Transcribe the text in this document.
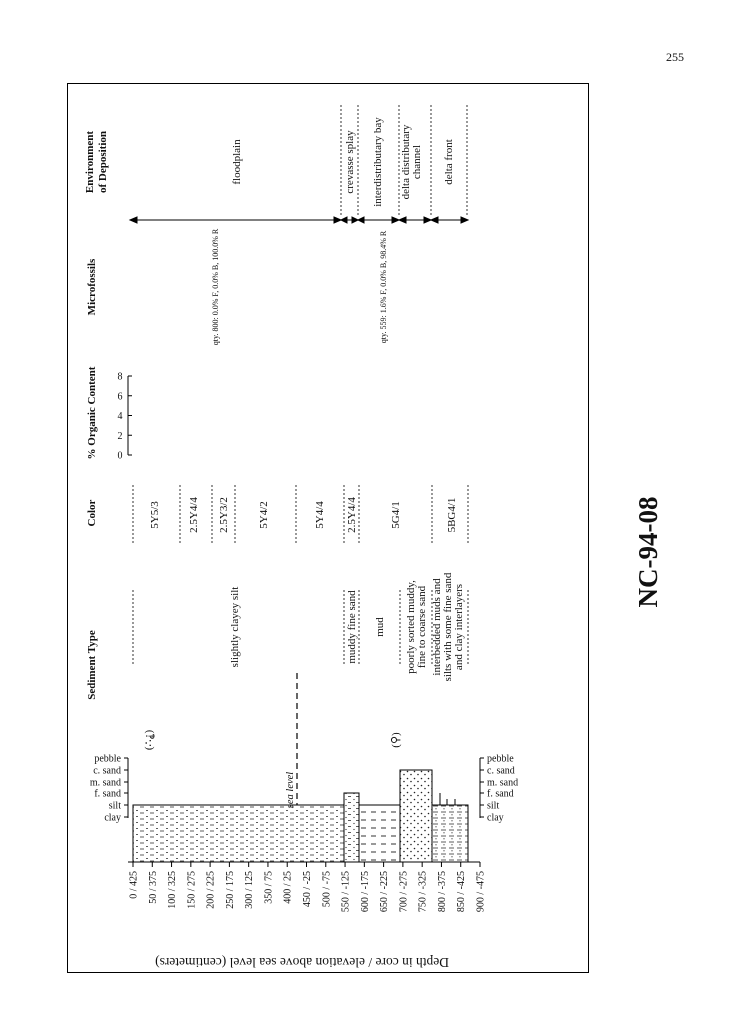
255
0 / 425 50 / 375 100 / 325 150 / 275 200 / 225 250 / 175 300 / 125 350 / 75 400 / 25 450 / -25 500 / -75 550 / -125 600 / -175 650 / -225 700 / -275 750 / -325 800 / -375 850 / -425 900 / -475
Depth in core / elevation above sea level (centimeters)
pebble
c. sand
m. sand
f. sand
silt
clay
pebble
c. sand
m. sand
f. sand
silt
clay
sea level
(∴⸘)	(⚲)
Sediment Type
Color
% Organic Content
Microfossils
Environment of Deposition
slightly clayey silt	muddy fine sand mud poorly sorted muddy,fine to coarse sand interbedded muds andsilts with some fine sandand clay interlayers
5Y5/3 2.5Y4/4 2.5Y3/2	5Y4/2	5Y4/4 2.5Y4/4	5G4/1	5BG4/1
0
2
4
6
8
qty. 800: 0.0% F, 0.0% B, 100.0% R	qty. 559: 1.6% F, 0.0% B, 98.4% R
floodplain	crevasse splay interdistributary bay delta distributarychannel delta front
NC-94-08
